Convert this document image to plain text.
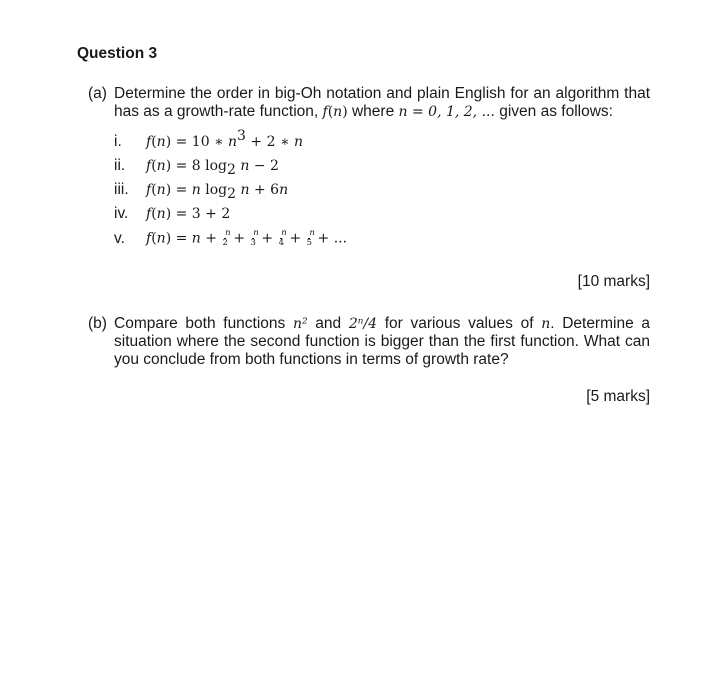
Question 3
(a) Determine the order in big-Oh notation and plain English for an algorithm that has as a growth-rate function, f(n) where n = 0, 1, 2, ... given as follows:
i. f(n) = 10 ∗ $n^3 + 2$ ∗ n
ii. f(n) = 8 $\log_2 n - 2$
iii. f(n) = n $\log_2 n + 6n$
iv. f(n) = 3 + 2
v. $f(n) = n + \frac{n}{2} + \frac{n}{3} + \frac{n}{4} + \frac{n}{5}$ + ...
[10 marks]
(b) Compare both functions n² and 2ⁿ/4 for various values of n. Determine a situation where the second function is bigger than the first function. What can you conclude from both functions in terms of growth rate?
[5 marks]
